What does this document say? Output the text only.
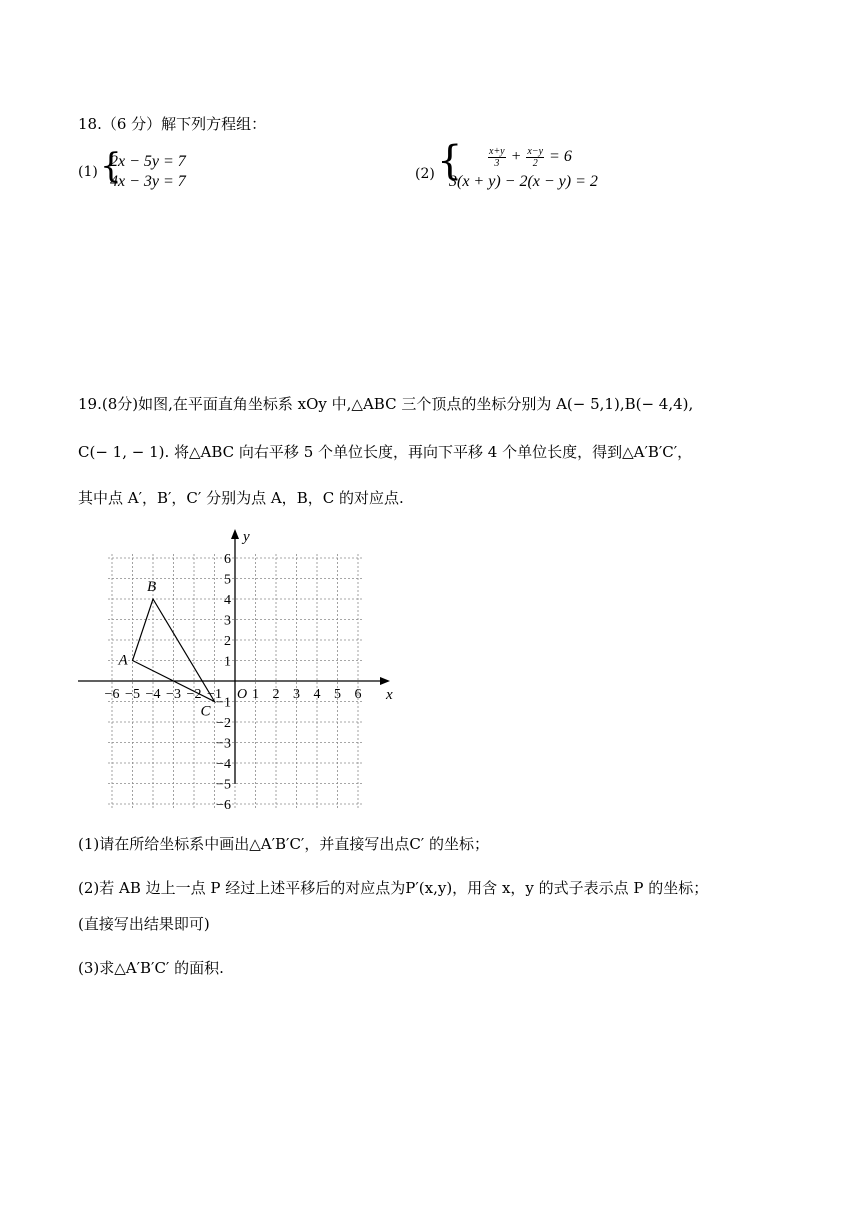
18.（6 分）解下列方程组：
(1) {
2x − 5y = 7
4x − 3y = 7	(2) {	$\frac{x+y}{3} + \frac{x-y}{2} = 6$
3(x + y) − 2(x − y) = 2
19.(8分)如图,在平面直角坐标系 xOy 中,△ABC 三个顶点的坐标分别为 A(− 5,1),B(− 4,4),
C(− 1, − 1). 将△ABC 向右平移 5 个单位长度，再向下平移 4 个单位长度，得到△A′B′C′，
其中点 A′，B′，C′ 分别为点 A，B，C 的对应点.
−6 −5 −4 −3 −2 −1 1 2 3 4 5 6
6
5
4
3
2
1
−1
−2
−3
−4
−5
−6
A
B
C
x
y
O
(1)请在所给坐标系中画出△A′B′C′，并直接写出点C′ 的坐标；
(2)若 AB 边上一点 P 经过上述平移后的对应点为P′(x,y)，用含 x，y 的式子表示点 P 的坐标；
(直接写出结果即可)
(3)求△A′B′C′ 的面积.
